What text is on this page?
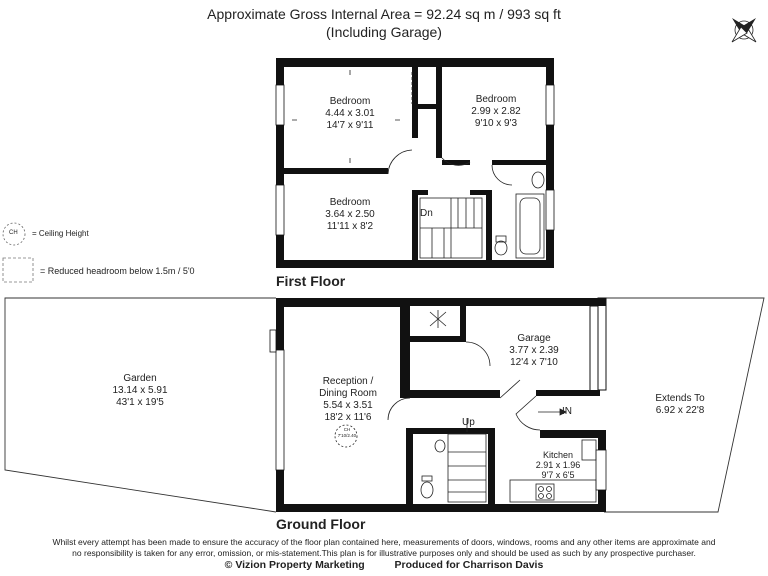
Approximate Gross Internal Area = 92.24 sq m / 993 sq ft
(Including Garage)
CH = Ceiling Height
= Reduced headroom below 1.5m / 5'0
Bedroom
4.44 x 3.01
14'7 x 9'11
Bedroom
2.99 x 2.82
9'10 x 9'3
Bedroom
3.64 x 2.50
11'11 x 8'2
Dn
First Floor
Garden
13.14 x 5.91
43'1 x 19'5
Reception /
Dining Room
5.54 x 3.51
18'2 x 11'6
CH
7'10/2.40
Garage
3.77 x 2.39
12'4 x 7'10
Extends To
6.92 x 22'8
Kitchen
2.91 x 1.96
9'7 x 6'5
Up
IN
Ground Floor
Whilst every attempt has been made to ensure the accuracy of the floor plan contained here, measurements of doors, windows, rooms and any other items are approximate and
no responsibility is taken for any error, omission, or mis-statement.This plan is for illustrative purposes only and should be used as such by any prospective purchaser.
© Vizion Property Marketing	Produced for Charrison Davis
